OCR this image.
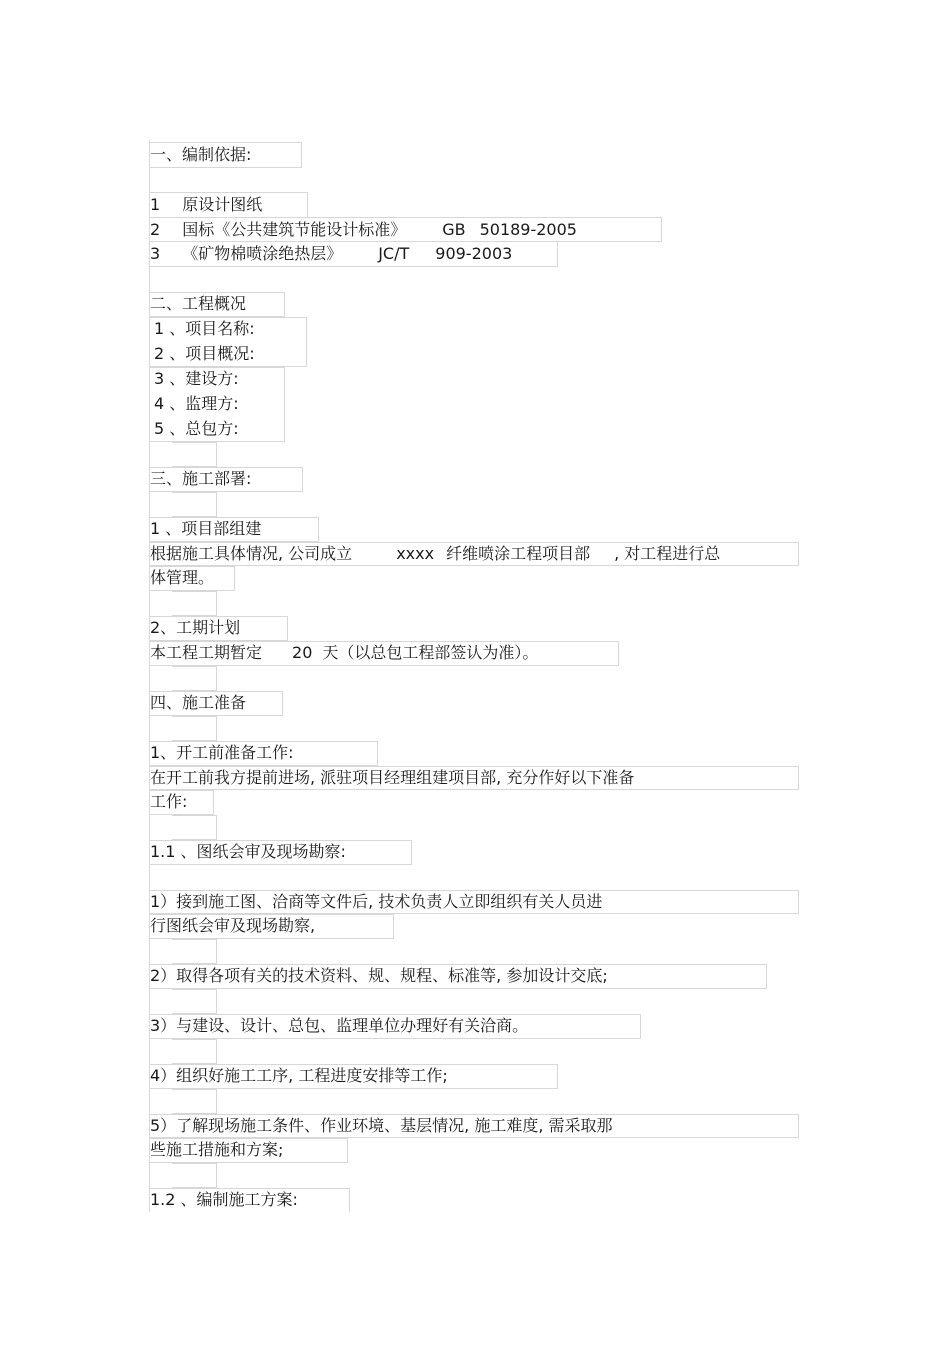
一、编制依据:

1 原设计图纸
2 国标《公共建筑节能设计标准》 GB 50189-2005
3 《矿物棉喷涂绝热层》 JC/T 909-2003

二、工程概况

1 、项目名称:
2 、项目概况:
3 、建设方:
4 、监理方:
5 、总包方:

三、施工部署:

1 、项目部组建

根据施工具体情况, 公司成立	xxxx 纤维喷涂工程项目部 , 对工程进行总

体管理。

2、工期计划

本工程工期暂定 20 天（以总包工程部签认为准）。

四、施工准备

1、开工前准备工作:

在开工前我方提前进场, 派驻项目经理组建项目部, 充分作好以下准备

工作:

1.1 、图纸会审及现场勘察:

1）接到施工图、洽商等文件后, 技术负责人立即组织有关人员进

行图纸会审及现场勘察,

2）取得各项有关的技术资料、规、规程、标准等, 参加设计交底;

3）与建设、设计、总包、监理单位办理好有关洽商。

4）组织好施工工序, 工程进度安排等工作;

5）了解现场施工条件、作业环境、基层情况, 施工难度, 需采取那

些施工措施和方案;

1.2 、编制施工方案:
